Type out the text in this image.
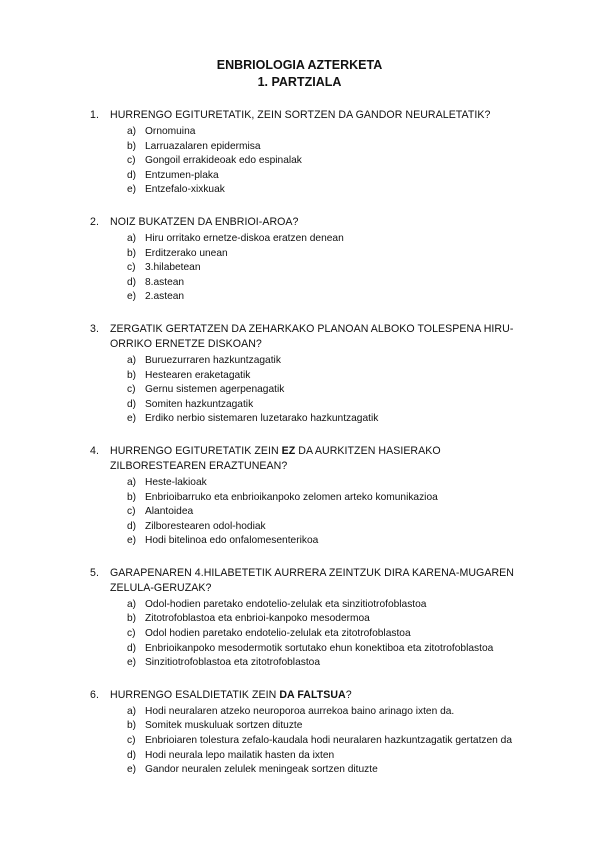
ENBRIOLOGIA AZTERKETA
1. PARTZIALA
1. HURRENGO EGITURETATIK, ZEIN SORTZEN DA GANDOR NEURALETATIK?
a) Ornomuina
b) Larruazalaren epidermisa
c) Gongoil errakideoak edo espinalak
d) Entzumen-plaka
e) Entzefalo-xixkuak
2. NOIZ BUKATZEN DA ENBRIOI-AROA?
a) Hiru orritako ernetze-diskoa eratzen denean
b) Erditzerako unean
c) 3.hilabetean
d) 8.astean
e) 2.astean
3. ZERGATIK GERTATZEN DA ZEHARKAKO PLANOAN ALBOKO TOLESPENA HIRU-ORRIKO ERNETZE DISKOAN?
a) Buruezurraren hazkuntzagatik
b) Hestearen eraketagatik
c) Gernu sistemen agerpenagatik
d) Somiten hazkuntzagatik
e) Erdiko nerbio sistemaren luzetarako hazkuntzagatik
4. HURRENGO EGITURETATIK ZEIN EZ DA AURKITZEN HASIERAKO ZILBORESTEAREN ERAZTUNEAN?
a) Heste-lakioak
b) Enbrioibarruko eta enbrioikanpoko zelomen arteko komunikazioa
c) Alantoidea
d) Zilborestearen odol-hodiak
e) Hodi bitelinoa edo onfalomesenterikoa
5. GARAPENAREN 4.HILABETETIK AURRERA ZEINTZUK DIRA KARENA-MUGAREN ZELULA-GERUZAK?
a) Odol-hodien paretako endotelio-zelulak eta sinzitiotrofoblastoa
b) Zitotrofoblastoa eta enbrioi-kanpoko mesodermoa
c) Odol hodien paretako endotelio-zelulak eta zitotrofoblastoa
d) Enbrioikanpoko mesodermotik sortutako ehun konektiboa eta zitotrofoblastoa
e) Sinzitiotrofoblastoa eta zitotrofoblastoa
6. HURRENGO ESALDIETATIK ZEIN DA FALTSUA?
a) Hodi neuralaren atzeko neuroporoa aurrekoa baino arinago ixten da.
b) Somitek muskuluak sortzen dituzte
c) Enbrioiaren tolestura zefalo-kaudala hodi neuralaren hazkuntzagatik gertatzen da
d) Hodi neurala lepo mailatik hasten da ixten
e) Gandor neuralen zelulek meningeak sortzen dituzte
